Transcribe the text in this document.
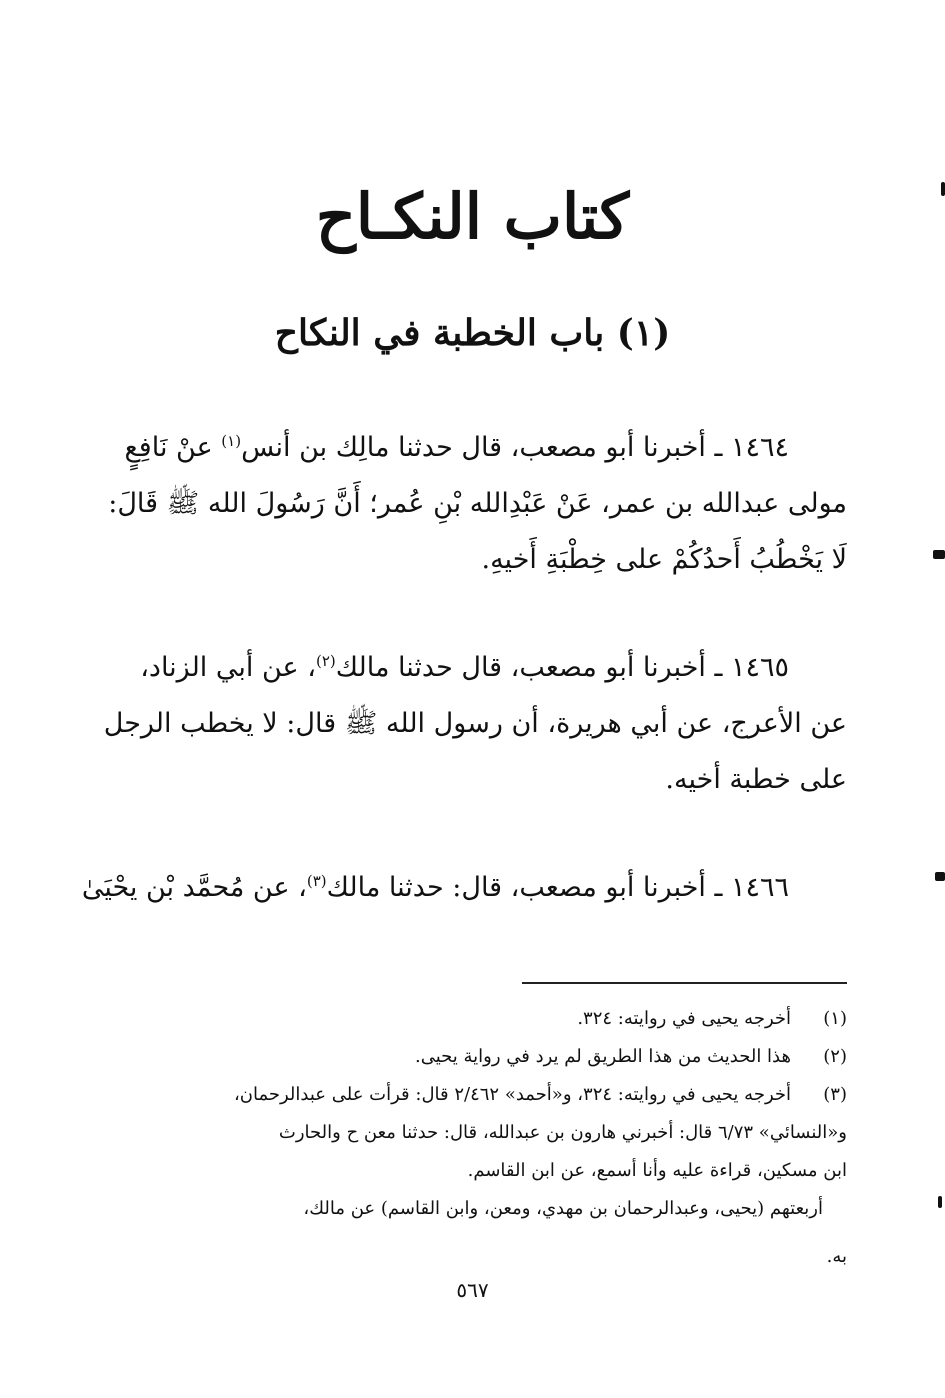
كتاب النكـاح
(١) باب الخطبة في النكاح

١٤٦٤ ـ أخبرنا أبو مصعب، قال حدثنا مالِك بن أنس$^{(١)}$ عنْ نَافِعٍ
مولى عبدالله بن عمر، عَنْ عَبْدِالله بْنِ عُمر؛ أَنَّ رَسُولَ الله ﷺ قَالَ:
لَا يَخْطُبُ أَحدُكُمْ على خِطْبَةِ أَخيهِ.

١٤٦٥ ـ أخبرنا أبو مصعب، قال حدثنا مالك$^{(٢)}$، عن أبي الزناد،
عن الأعرج، عن أبي هريرة، أن رسول الله ﷺ قال: لا يخطب الرجل
على خطبة أخيه.

١٤٦٦ ـ أخبرنا أبو مصعب، قال: حدثنا مالك$^{(٣)}$، عن مُحمَّد بْن يحْيَىٰ

(١)
أخرجه يحيى في روايته: ٣٢٤.
(٢)
هذا الحديث من هذا الطريق لم يرد في رواية يحيى.
(٣)
أخرجه يحيى في روايته: ٣٢٤، و«أحمد» ٢/٤٦٢ قال: قرأت على عبدالرحمان،
و«النسائي» ٦/٧٣ قال: أخبرني هارون بن عبدالله، قال: حدثنا معن ح والحارث
ابن مسكين، قراءة عليه وأنا أسمع، عن ابن القاسم.
أربعتهم (يحيى، وعبدالرحمان بن مهدي، ومعن، وابن القاسم) عن مالك،
به.
٥٦٧
